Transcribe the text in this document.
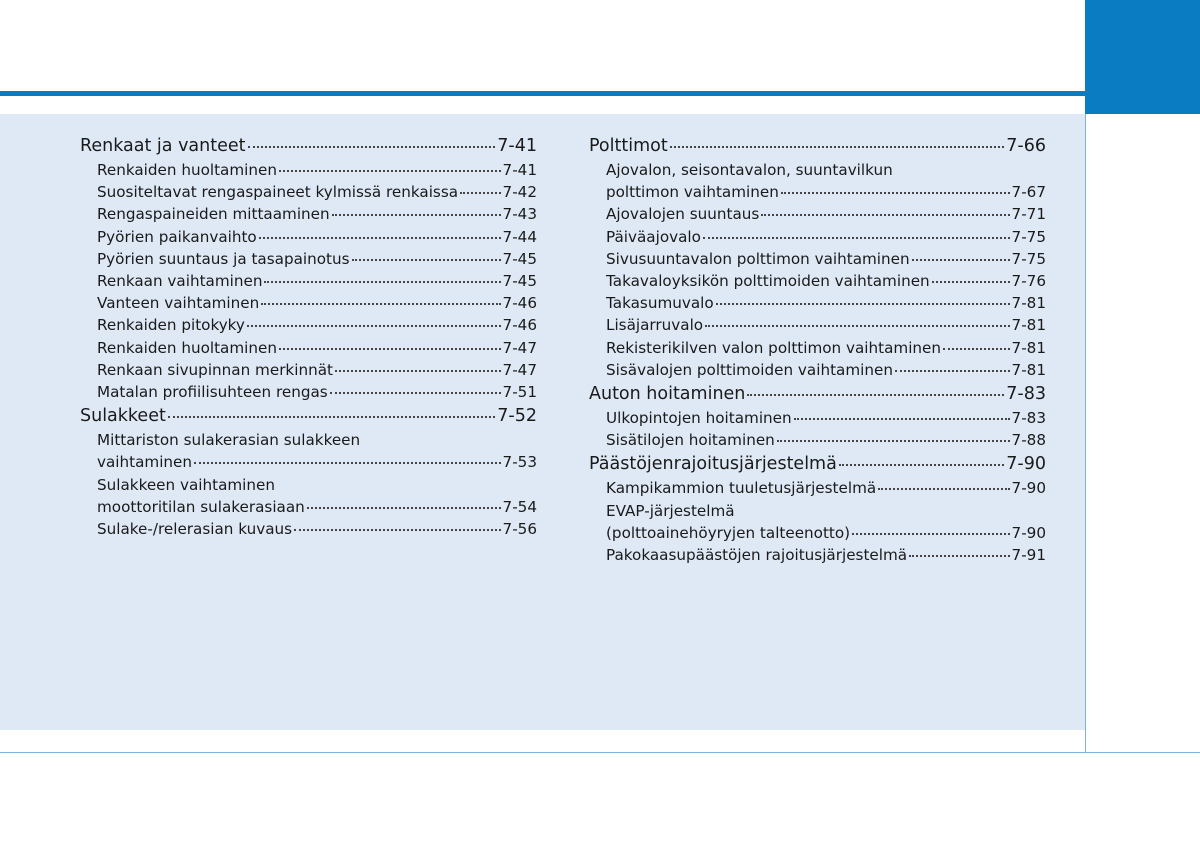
Renkaat ja vanteet	7-41
Renkaiden huoltaminen	7-41
Suositeltavat rengaspaineet kylmissä renkaissa	7-42
Rengaspaineiden mittaaminen	7-43
Pyörien paikanvaihto	7-44
Pyörien suuntaus ja tasapainotus	7-45
Renkaan vaihtaminen	7-45
Vanteen vaihtaminen	7-46
Renkaiden pitokyky	7-46
Renkaiden huoltaminen	7-47
Renkaan sivupinnan merkinnät	7-47
Matalan profiilisuhteen rengas	7-51
Sulakkeet	7-52
Mittariston sulakerasian sulakkeen
vaihtaminen	7-53
Sulakkeen vaihtaminen
moottoritilan sulakerasiaan	7-54
Sulake-/relerasian kuvaus	7-56
Polttimot	7-66
Ajovalon, seisontavalon, suuntavilkun
polttimon vaihtaminen	7-67
Ajovalojen suuntaus	7-71
Päiväajovalo	7-75
Sivusuuntavalon polttimon vaihtaminen	7-75
Takavaloyksikön polttimoiden vaihtaminen	7-76
Takasumuvalo	7-81
Lisäjarruvalo	7-81
Rekisterikilven valon polttimon vaihtaminen	7-81
Sisävalojen polttimoiden vaihtaminen	7-81
Auton hoitaminen	7-83
Ulkopintojen hoitaminen	7-83
Sisätilojen hoitaminen	7-88
Päästöjenrajoitusjärjestelmä	7-90
Kampikammion tuuletusjärjestelmä	7-90
EVAP-järjestelmä
(polttoainehöyryjen talteenotto)	7-90
Pakokaasupäästöjen rajoitusjärjestelmä	7-91
